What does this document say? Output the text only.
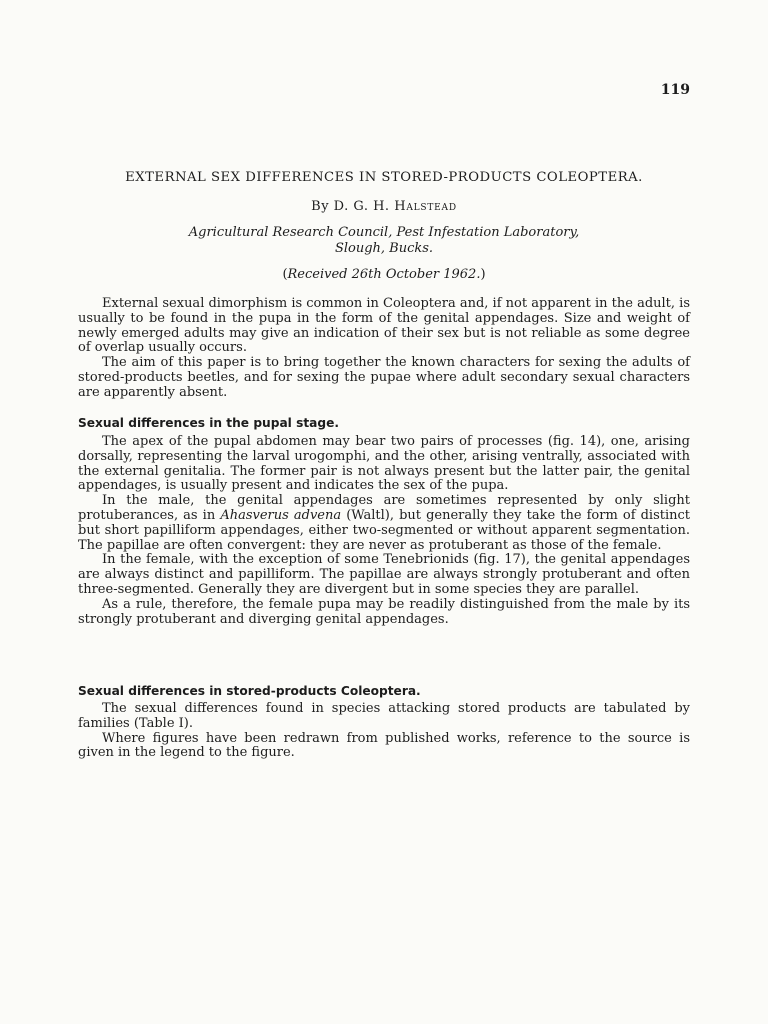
119
EXTERNAL SEX DIFFERENCES IN STORED-PRODUCTS COLEOPTERA.
By D. G. H. Halstead
Agricultural Research Council, Pest Infestation Laboratory,
Slough, Bucks.
(Received 26th October 1962.)

External sexual dimorphism is common in Coleoptera and, if not apparent in the adult, is usually to be found in the pupa in the form of the genital appendages. Size and weight of newly emerged adults may give an indication of their sex but is not reliable as some degree of overlap usually occurs.

The aim of this paper is to bring together the known characters for sexing the adults of stored-products beetles, and for sexing the pupae where adult secondary sexual characters are apparently absent.

Sexual differences in the pupal stage.

The apex of the pupal abdomen may bear two pairs of processes (fig. 14), one, arising dorsally, representing the larval urogomphi, and the other, arising ventrally, associated with the external genitalia. The former pair is not always present but the latter pair, the genital appendages, is usually present and indicates the sex of the pupa.

In the male, the genital appendages are sometimes represented by only slight protuberances, as in Ahasverus advena (Waltl), but generally they take the form of distinct but short papilliform appendages, either two-segmented or without apparent segmentation. The papillae are often convergent: they are never as protuberant as those of the female.

In the female, with the exception of some Tenebrionids (fig. 17), the genital appendages are always distinct and papilliform. The papillae are always strongly protuberant and often three-segmented. Generally they are divergent but in some species they are parallel.

As a rule, therefore, the female pupa may be readily distinguished from the male by its strongly protuberant and diverging genital appendages.

Sexual differences in stored-products Coleoptera.

The sexual differences found in species attacking stored products are tabulated by families (Table I).

Where figures have been redrawn from published works, reference to the source is given in the legend to the figure.
